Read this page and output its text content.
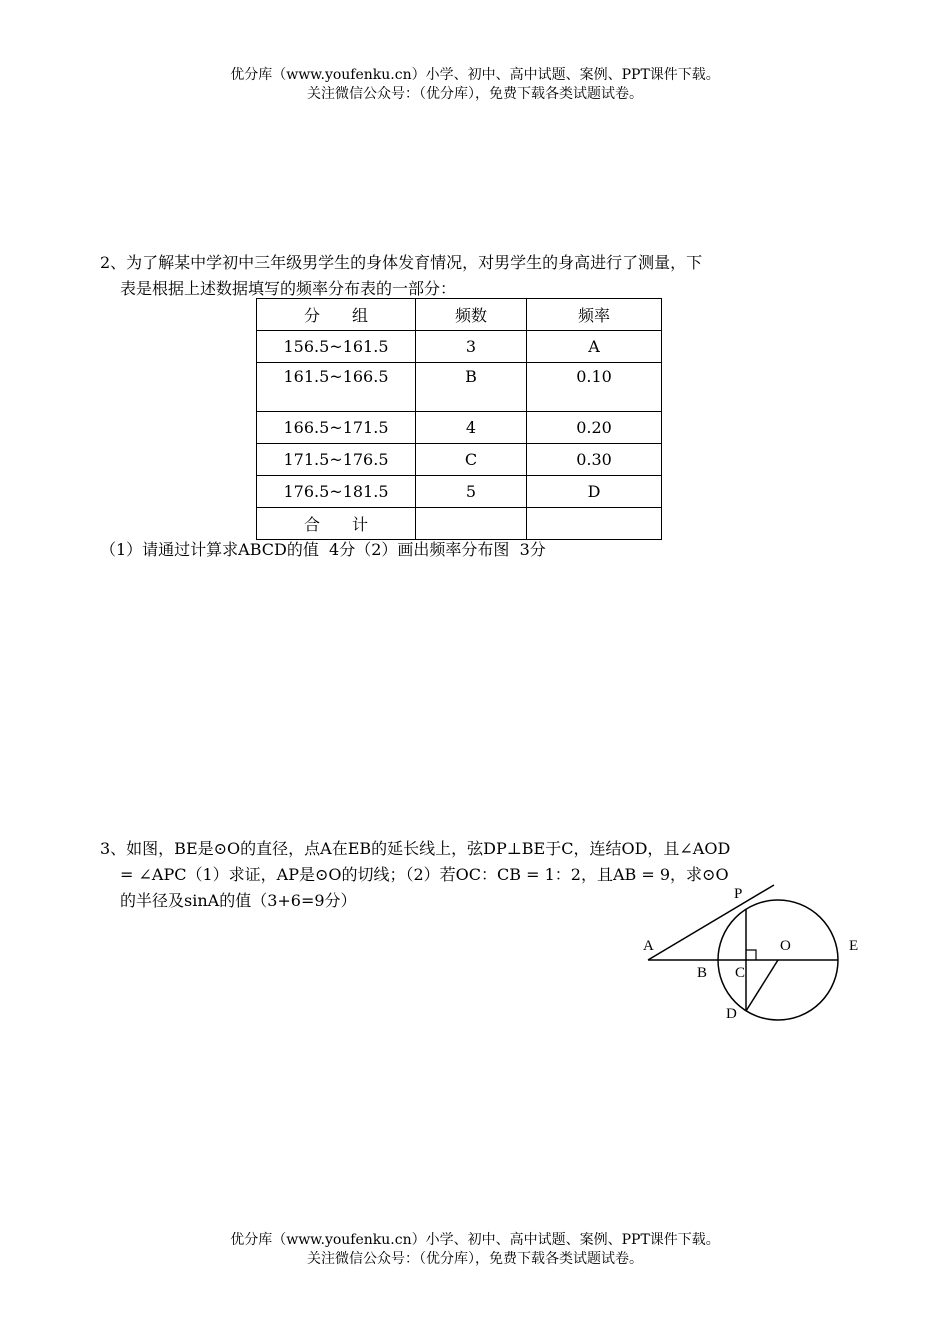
优分库（www.youfenku.cn）小学、初中、高中试题、案例、PPT课件下载。
关注微信公众号：（优分库），免费下载各类试题试卷。
2、为了解某中学初中三年级男学生的身体发育情况，对男学生的身高进行了测量，下
表是根据上述数据填写的频率分布表的一部分：
分　　组	频数	频率
156.5~161.5	3	A
161.5~166.5	B	0.10
166.5~171.5	4	0.20
171.5~176.5	C	0.30
176.5~181.5	5	D
合　　计		
（1）请通过计算求ABCD的值  4分（2）画出频率分布图  3分
3、如图，BE是⊙O的直径，点A在EB的延长线上，弦DP⊥BE于C，连结OD，且∠AOD
= ∠APC（1）求证，AP是⊙O的切线；（2）若OC：CB = 1：2，且AB = 9，求⊙O
的半径及sinA的值（3+6=9分）	P
A	O	E
B C
D
优分库（www.youfenku.cn）小学、初中、高中试题、案例、PPT课件下载。
关注微信公众号：（优分库），免费下载各类试题试卷。
